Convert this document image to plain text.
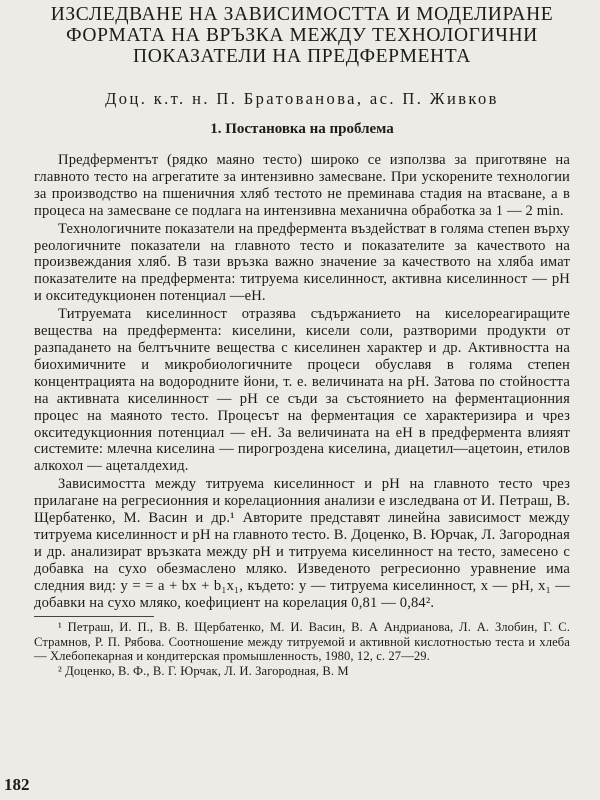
ИЗСЛЕДВАНЕ НА ЗАВИСИМОСТТА И МОДЕЛИРАНЕ
ФОРМАТА НА ВРЪЗКА МЕЖДУ ТЕХНОЛОГИЧНИ
ПОКАЗАТЕЛИ НА ПРЕДФЕРМЕНТА
Доц. к.т. н. П. Братованова, ас. П. Живков
1. Постановка на проблема

Предферментът (рядко маяно тесто) широко се използва за приготвяне на главното тесто на агрегатите за интензивно замесване. При ускорените технологии за производство на пшеничния хляб тестото не преминава стадия на втасване, а в процеса на замесване се подлага на интензивна механична обработка за 1 — 2 min.

Технологичните показатели на предфермента въздействат в голяма степен върху реологичните показатели на главното тесто и показателите за качеството на произвеждания хляб. В тази връзка важно значение за качеството на хляба имат показателите на предфермента: титруема киселинност, активна киселинност — pH и окситедукционен потенциал —eH.

Титруемата киселинност отразява съдържанието на киселореагиращите вещества на предфермента: киселини, кисели соли, разтворими продукти от разпадането на белтъчните вещества с киселинен характер и др. Активността на биохимичните и микробиологичните процеси обуславя в голяма степен концентрацията на водородните йони, т. е. величината на pH. Затова по стойността на активната киселинност — pH се съди за състоянието на ферментационния процес на маяното тесто. Процесът на ферментация се характеризира и чрез окситедукционния потенциал — eH. За величината на eH в предфермента влияят системите: млечна киселина — пирогроздена киселина, диацетил—ацетоин, етилов алкохол — ацеталдехид.

Зависимостта между титруема киселинност и pH на главното тесто чрез прилагане на регресионния и корелационния анализи е изследвана от И. Петраш, В. Щербатенко, М. Васин и др.¹ Авторите представят линейна зависимост между титруема киселинност и pH на главното тесто. В. Доценко, В. Юрчак, Л. Загородная и др. анализират връзката между pH и титруема киселинност на тесто, замесено с добавка на сухо обезмаслено мляко. Изведеното регресионно уравнение има следния вид: y = = a + bx + b₁x₁, където: y — титруема киселинност, x — pH, x₁ — добавки на сухо мляко, коефициент на корелация 0,81 — 0,84².

¹ Петраш, И. П., В. В. Щербатенко, М. И. Васин, В. А Андрианова, Л. А. Злобин, Г. С. Страмнов, Р. П. Рябова. Соотношение между титруемой и активной кислотностью теста и хлеба — Хлебопекарная и кондитерская промышленность, 1980, 12, с. 27—29.

² Доценко, В. Ф., В. Г. Юрчак, Л. И. Загородная, В. М

182
